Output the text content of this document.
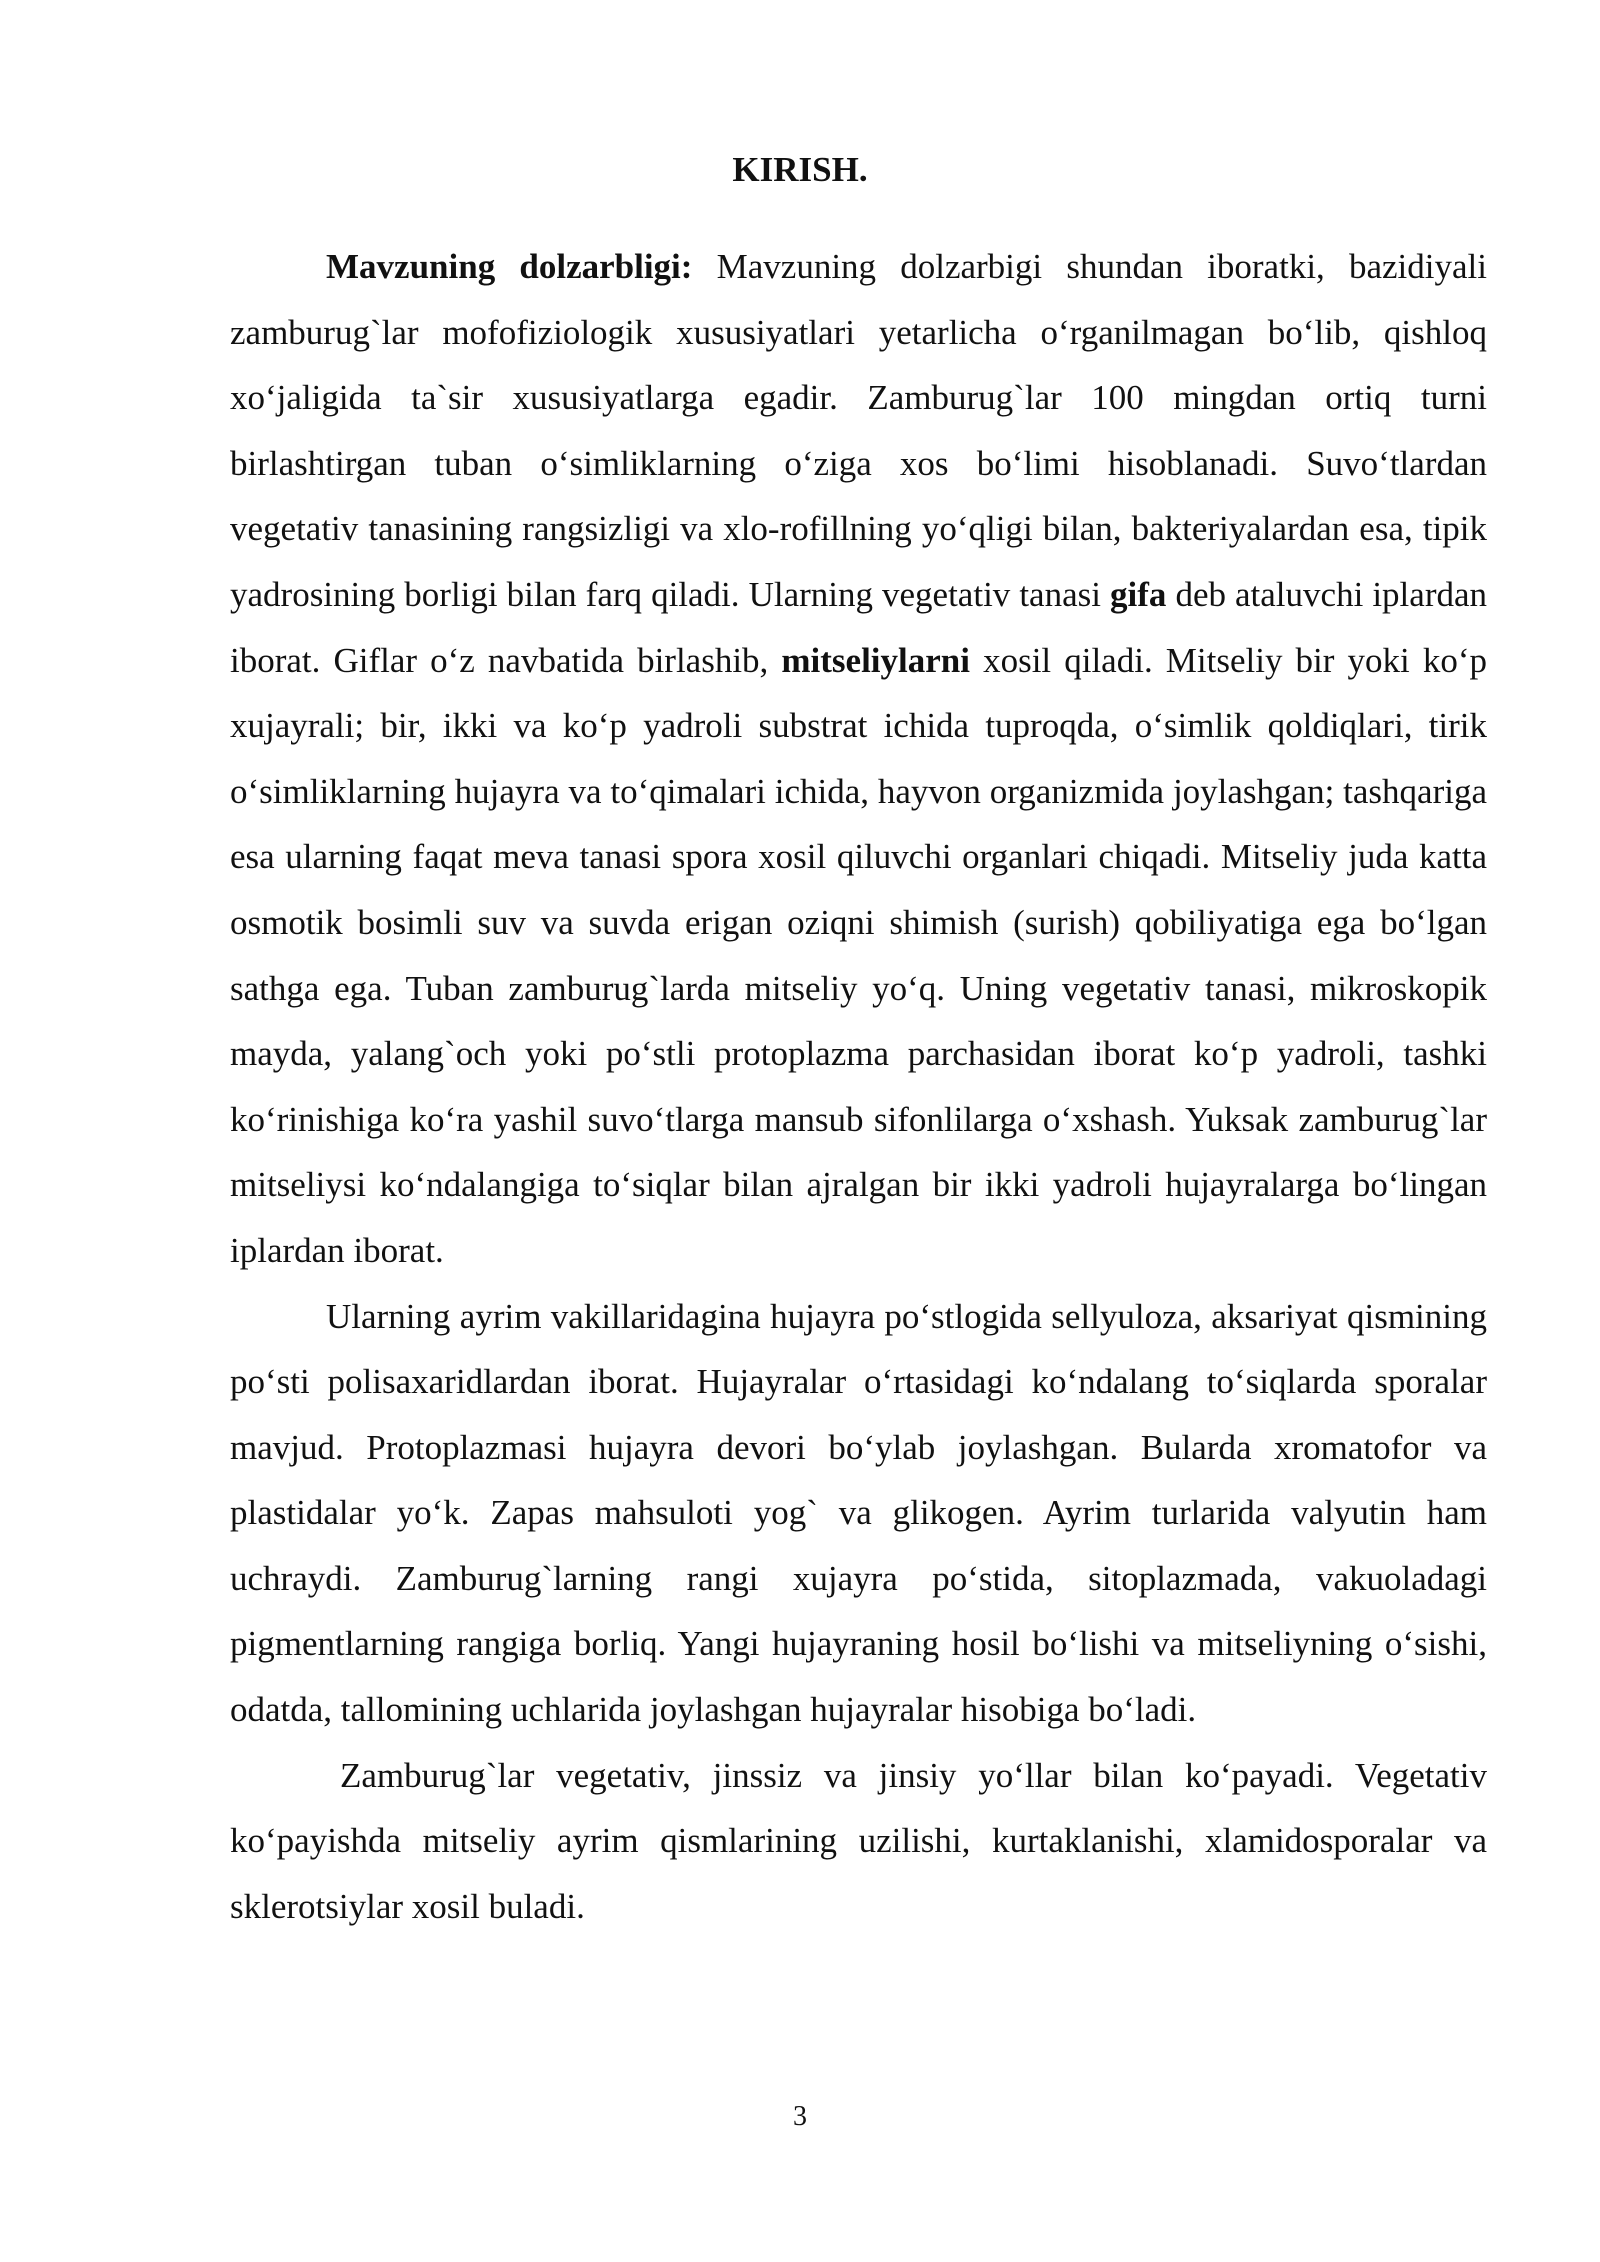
KIRISH.

Mavzuning dolzarbligi: Mavzuning dolzarbigi shundan iboratki, bazidiyali zamburug`lar mofofiziologik xususiyatlari yetarlicha o‘rganilmagan bo‘lib, qishloq xo‘jaligida ta`sir xususiyatlarga egadir. Zamburug`lar 100 mingdan ortiq turni birlashtirgan tuban o‘simliklarning o‘ziga xos bo‘limi hisoblanadi. Suvo‘tlardan vegetativ tanasining rangsizligi va xlo-rofillning yo‘qligi bilan, bakteriyalardan esa, tipik yadrosining borligi bilan farq qiladi. Ularning vegetativ tanasi gifa deb ataluvchi iplardan iborat. Giflar o‘z navbatida birlashib, mitseliylarni xosil qiladi. Mitseliy bir yoki ko‘p xujayrali; bir, ikki va ko‘p yadroli substrat ichida tuproqda, o‘simlik qoldiqlari, tirik o‘simliklarning hujayra va to‘qimalari ichida, hayvon organizmida joylashgan; tashqariga esa ularning faqat meva tanasi spora xosil qiluvchi organlari chiqadi. Mitseliy juda katta osmotik bosimli suv va suvda erigan oziqni shimish (surish) qobiliyatiga ega bo‘lgan sathga ega. Tuban zamburug`larda mitseliy yo‘q. Uning vegetativ tanasi, mikroskopik mayda, yalang`och yoki po‘stli protoplazma parchasidan iborat ko‘p yadroli, tashki ko‘rinishiga ko‘ra yashil suvo‘tlarga mansub sifonlilarga o‘xshash. Yuksak zamburug`lar mitseliysi ko‘ndalangiga to‘siqlar bilan ajralgan bir ikki yadroli hujayralarga bo‘lingan iplardan iborat.

Ularning ayrim vakillaridagina hujayra po‘stlogida sellyuloza, aksariyat qismining po‘sti polisaxaridlardan iborat. Hujayralar o‘rtasidagi ko‘ndalang to‘siqlarda sporalar mavjud. Protoplazmasi hujayra devori bo‘ylab joylashgan. Bularda xromatofor va plastidalar yo‘k. Zapas mahsuloti yog` va glikogen. Ayrim turlarida valyutin ham uchraydi. Zamburug`larning rangi xujayra po‘stida, sitoplazmada, vakuoladagi pigmentlarning rangiga borliq. Yangi hujayraning hosil bo‘lishi va mitseliyning o‘sishi, odatda, tallomining uchlarida joylashgan hujayralar hisobiga bo‘ladi.

Zamburug`lar vegetativ, jinssiz va jinsiy yo‘llar bilan ko‘payadi. Vegetativ ko‘payishda mitseliy ayrim qismlarining uzilishi, kurtaklanishi, xlamidosporalar va sklerotsiylar xosil buladi.

3
